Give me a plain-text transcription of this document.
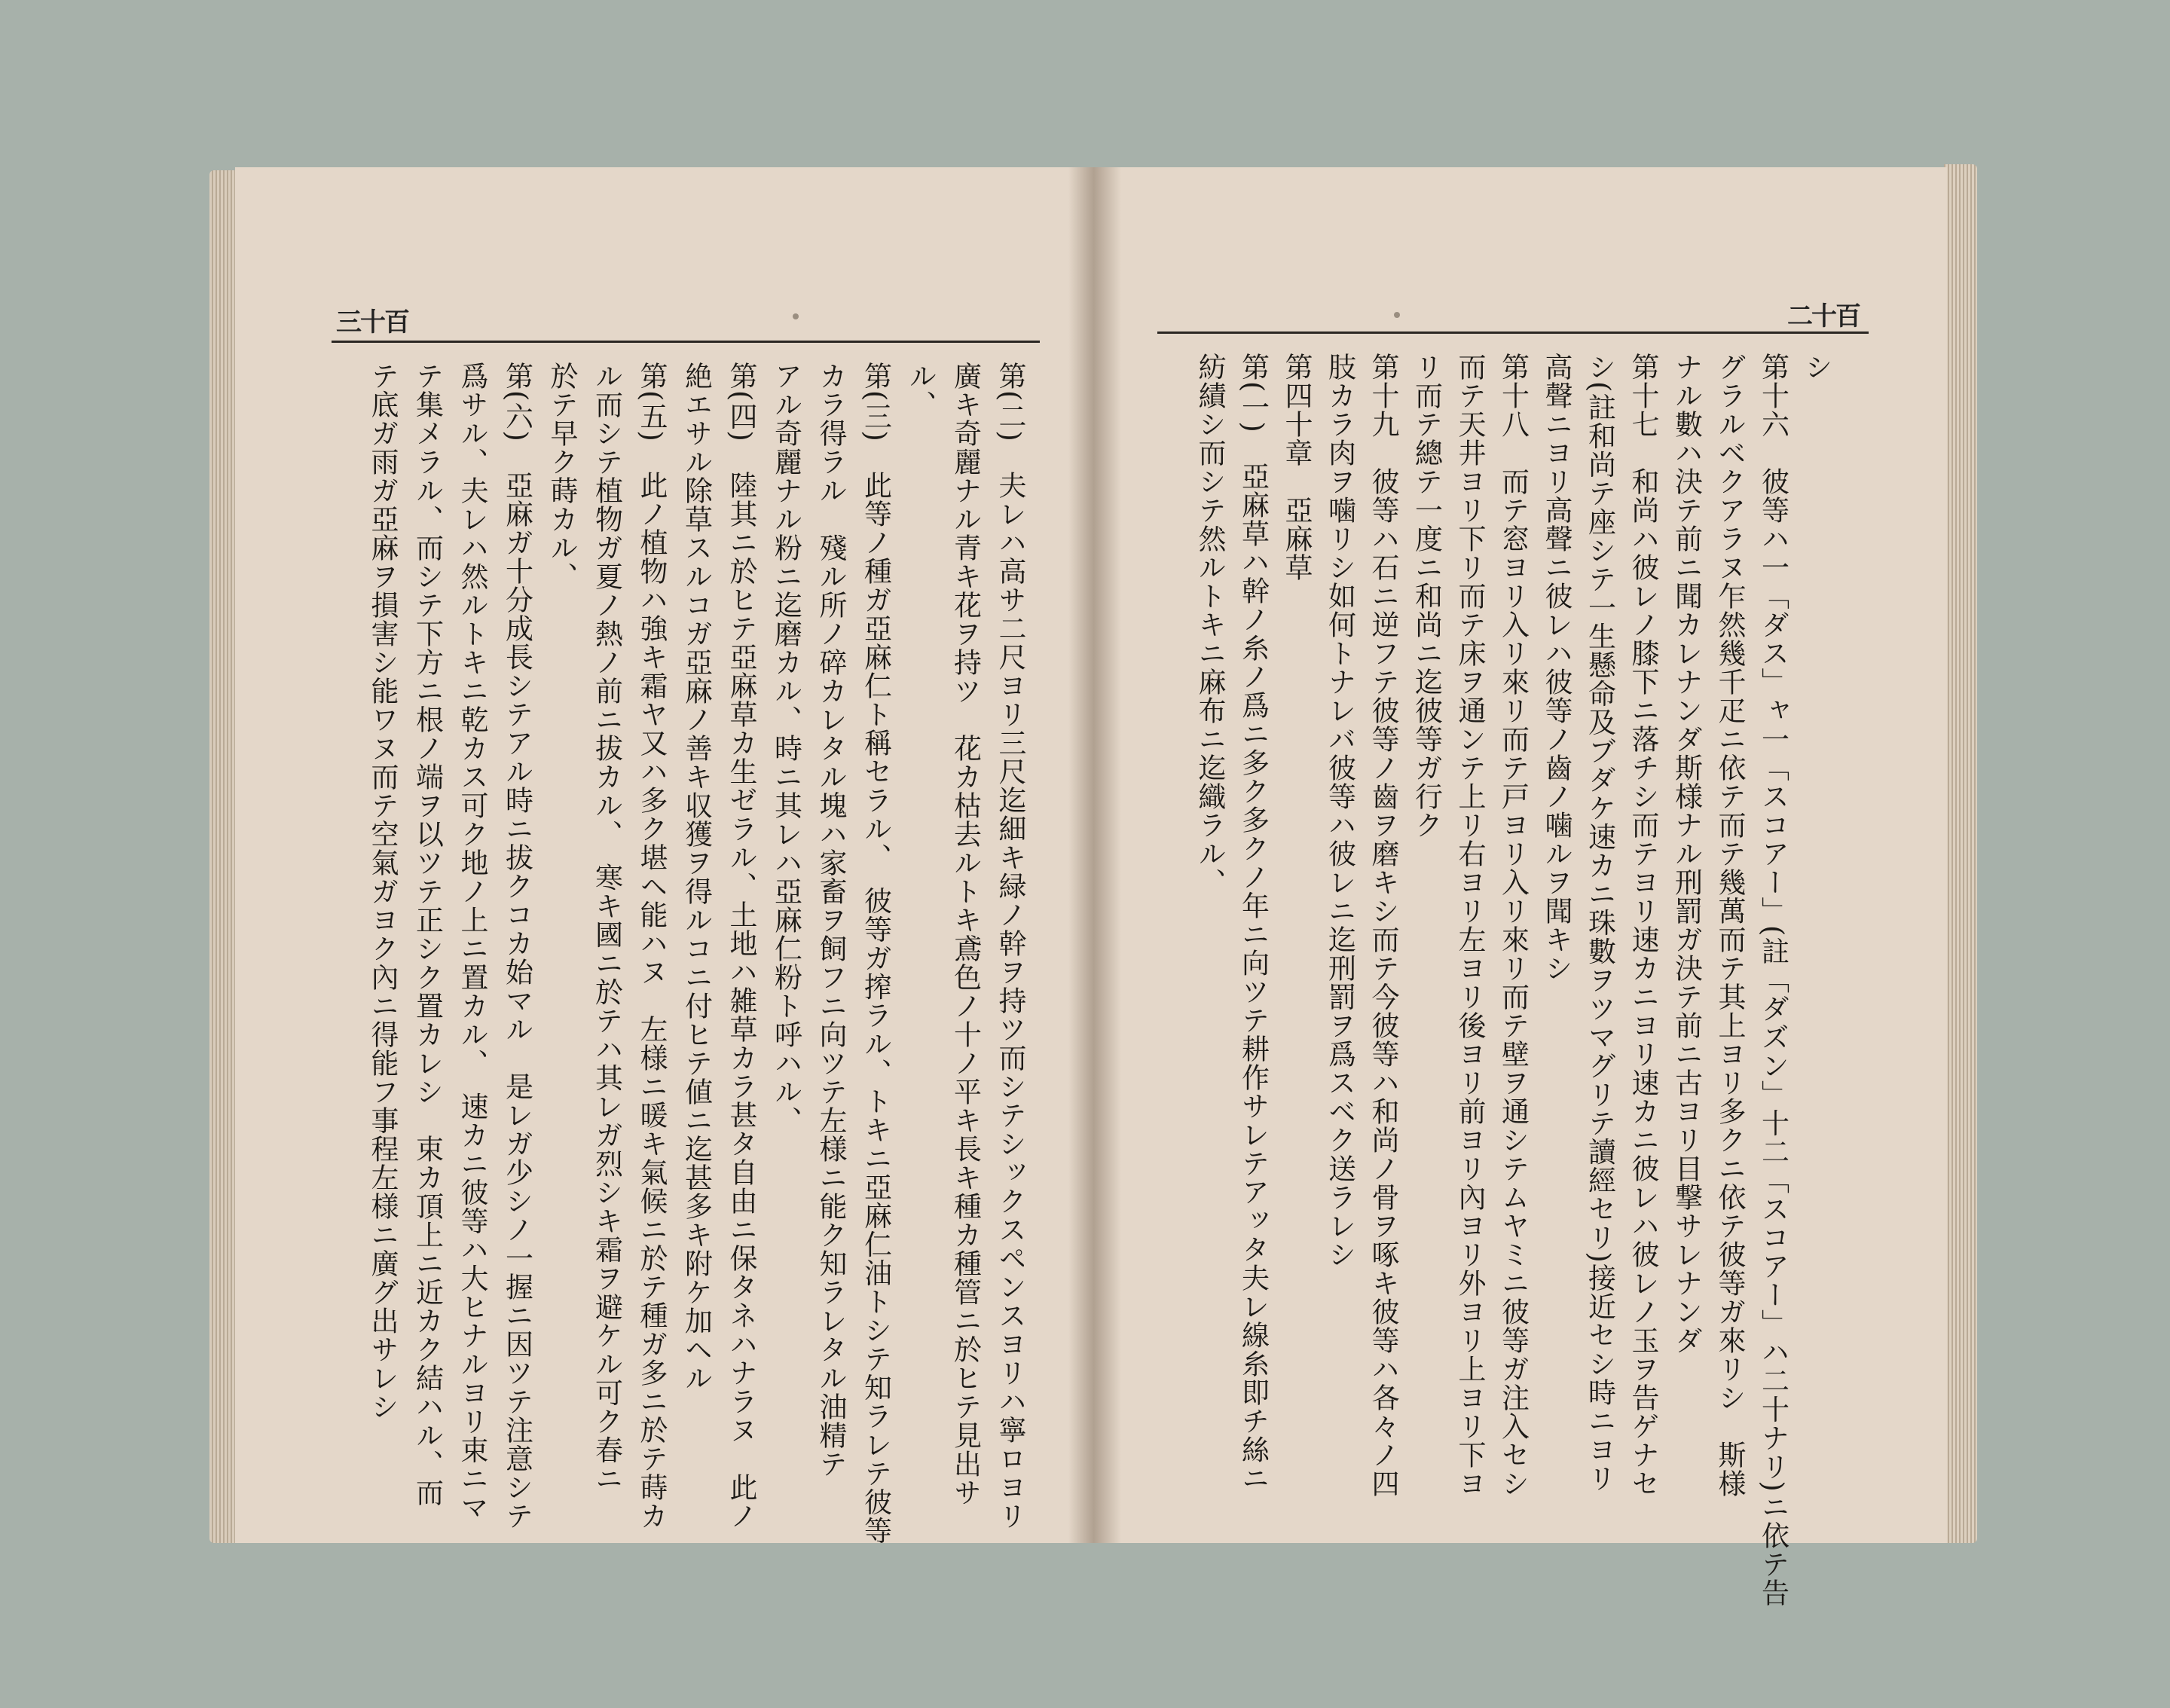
三十百	二十百
第(二)　夫レハ高サ二尺ヨリ三尺迄細キ緑ノ幹ヲ持ツ而シテシックスペンスヨリハ寧ロヨリ
廣キ奇麗ナル青キ花ヲ持ツ　花カ枯去ルトキ鳶色ノ十ノ平キ長キ種カ種管ニ於ヒテ見出サ
ル、
第(三)　此等ノ種ガ亞麻仁ト稱セラル、　彼等ガ搾ラル、トキニ亞麻仁油トシテ知ラレテ彼等
カラ得ラル　殘ル所ノ碎カレタル塊ハ家畜ヲ飼フニ向ツテ左様ニ能ク知ラレタル油精テ
アル奇麗ナル粉ニ迄磨カル、時ニ其レハ亞麻仁粉ト呼ハル、
第(四)　陸其ニ於ヒテ亞麻草カ生ゼラル、土地ハ雑草カラ甚タ自由ニ保タネハナラヌ　此ノ
絶エサル除草スルコガ亞麻ノ善キ収獲ヲ得ルコニ付ヒテ値ニ迄甚多キ附ケ加ヘル
第(五)　此ノ植物ハ強キ霜ヤ又ハ多ク堪ヘ能ハヌ　左様ニ暖キ氣候ニ於テ種ガ多ニ於テ蒔カ
ル而シテ植物ガ夏ノ熱ノ前ニ拔カル、　寒キ國ニ於テハ其レガ烈シキ霜ヲ避ケル可ク春ニ
於テ早ク蒔カル、
第(六)　亞麻ガ十分成長シテアル時ニ拔クコカ始マル　是レガ少シノ一握ニ因ツテ注意シテ
爲サル、夫レハ然ルトキニ乾カス可ク地ノ上ニ置カル、　速カニ彼等ハ大ヒナルヨリ束ニマ
テ集メラル、而シテ下方ニ根ノ端ヲ以ツテ正シク置カレシ　束カ頂上ニ近カク結ハル、而
テ底ガ雨ガ亞麻ヲ損害シ能ワヌ而テ空氣ガヨク內ニ得能フ事程左様ニ廣グ出サレシ	シ
第十六　彼等ハ一「ダス」ャ一「スコアー」(註「ダズン」十二「スコアー」ハ二十ナリ)ニ依テ告
グラルベクアラヌ乍然幾千疋ニ依テ而テ幾萬而テ其上ヨリ多クニ依テ彼等ガ來リシ　斯様
ナル數ハ決テ前ニ聞カレナンダ斯様ナル刑罰ガ決テ前ニ古ヨリ目撃サレナンダ
第十七　和尚ハ彼レノ膝下ニ落チシ而テヨリ速カニヨリ速カニ彼レハ彼レノ玉ヲ告ゲナセ
シ(註和尚テ座シテ一生懸命及ブダケ速カニ珠數ヲツマグリテ讀經セリ)接近セシ時ニヨリ
高聲ニヨリ高聲ニ彼レハ彼等ノ齒ノ噛ルヲ聞キシ
第十八　而テ窓ヨリ入リ來リ而テ戸ヨリ入リ來リ而テ壁ヲ通シテムヤミニ彼等ガ注入セシ
而テ天井ヨリ下リ而テ床ヲ通ンテ上リ右ヨリ左ヨリ後ヨリ前ヨリ內ヨリ外ヨリ上ヨリ下ヨ
リ而テ總テ一度ニ和尚ニ迄彼等ガ行ク
第十九　彼等ハ石ニ逆フテ彼等ノ齒ヲ磨キシ而テ今彼等ハ和尚ノ骨ヲ啄キ彼等ハ各々ノ四
肢カラ肉ヲ噛リシ如何トナレバ彼等ハ彼レニ迄刑罰ヲ爲スベク送ラレシ
第四十章　亞麻草
第(一)　亞麻草ハ幹ノ糸ノ爲ニ多ク多クノ年ニ向ツテ耕作サレテアッタ夫レ線糸即チ絲ニ
紡績シ而シテ然ルトキニ麻布ニ迄織ラル、
